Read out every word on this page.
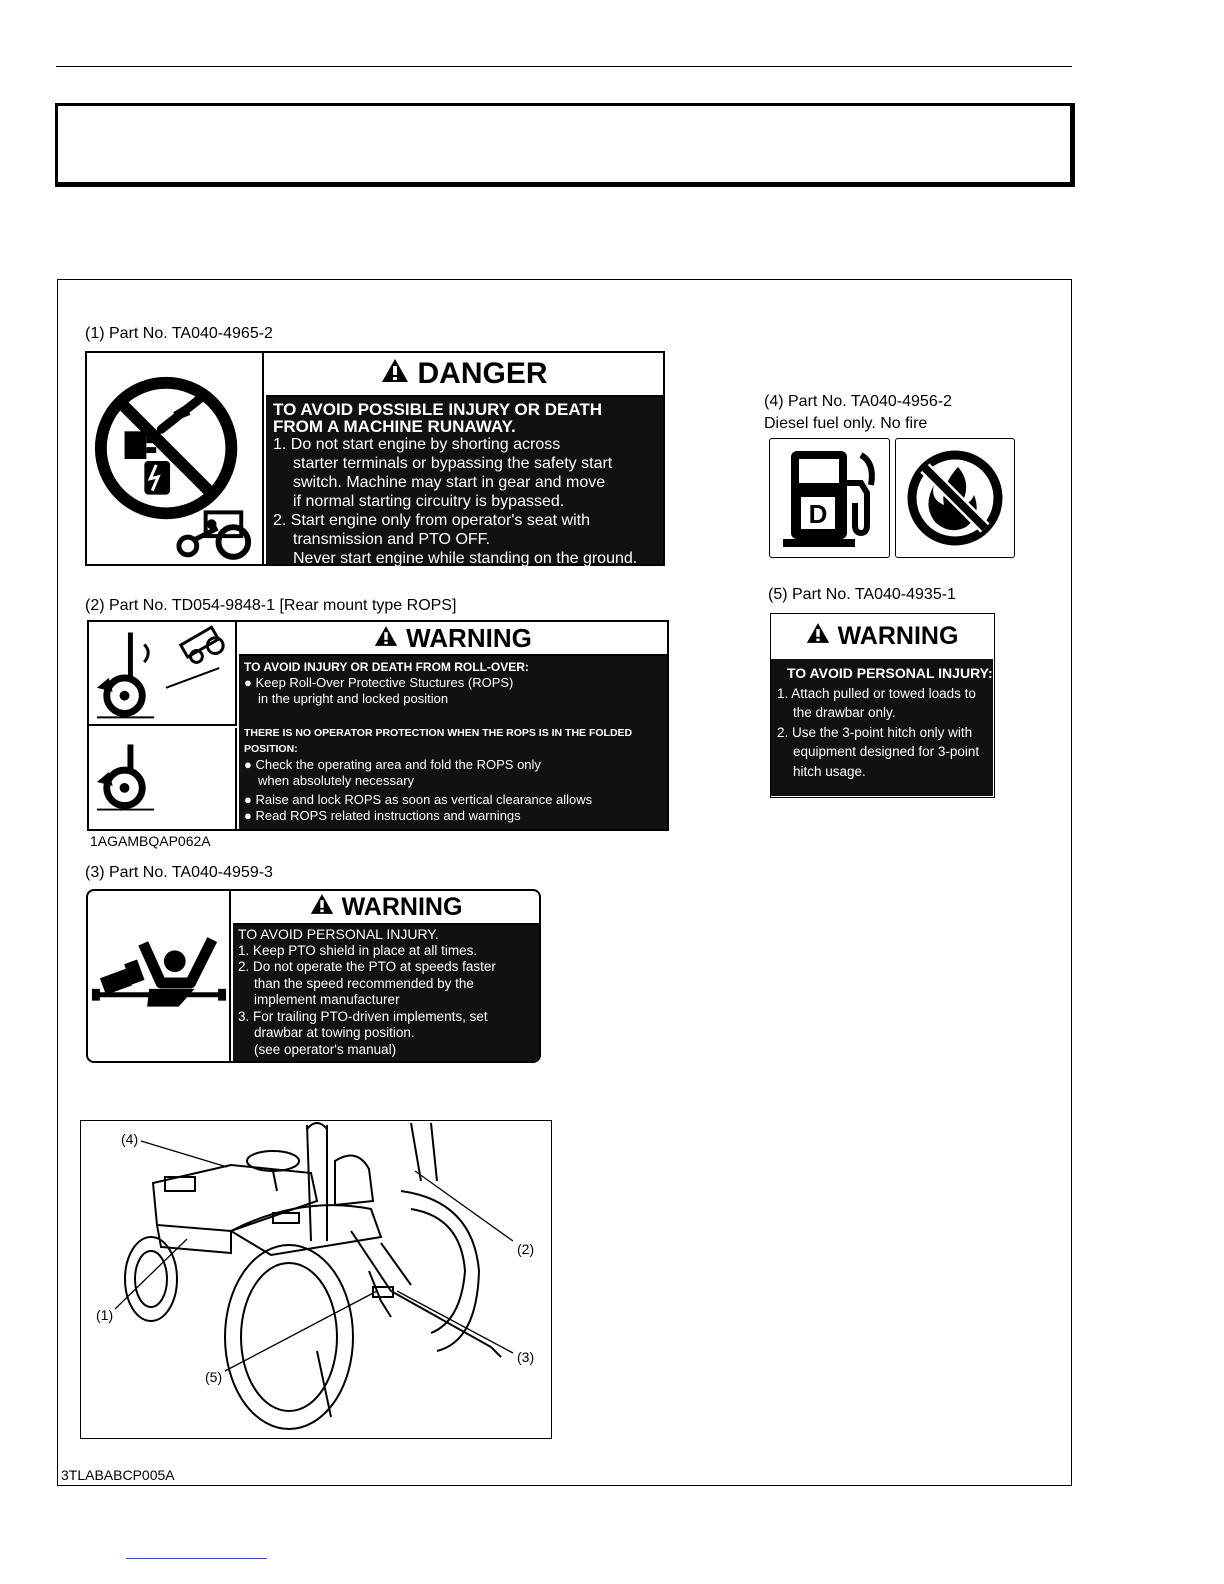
(1) Part No. TA040-4965-2
DANGER
TO AVOID POSSIBLE INJURY OR DEATH
FROM A MACHINE RUNAWAY.
1. Do not start engine by shorting across
starter terminals or bypassing the safety start
switch. Machine may start in gear and move
if normal starting circuitry is bypassed.
2. Start engine only from operator's seat with
transmission and PTO OFF.
Never start engine while standing on the ground.
(2) Part No. TD054-9848-1 [Rear mount type ROPS]
WARNING
TO AVOID INJURY OR DEATH FROM ROLL-OVER:
● Keep Roll-Over Protective Stuctures (ROPS)
in the upright and locked position
THERE IS NO OPERATOR PROTECTION WHEN THE ROPS IS IN THE FOLDED POSITION:
● Check the operating area and fold the ROPS only
when absolutely necessary
● Raise and lock ROPS as soon as vertical clearance allows
● Read ROPS related instructions and warnings
1AGAMBQAP062A
(3) Part No. TA040-4959-3
WARNING
TO AVOID PERSONAL INJURY.
1. Keep PTO shield in place at all times.
2. Do not operate the PTO at speeds faster
than the speed recommended by the
implement manufacturer
3. For trailing PTO-driven implements, set
drawbar at towing position.
(see operator's manual)
(4) Part No. TA040-4956-2
Diesel fuel only. No fire
D
(5) Part No. TA040-4935-1
WARNING
TO AVOID PERSONAL INJURY:
1. Attach pulled or towed loads to
the drawbar only.
2. Use the 3-point hitch only with
equipment designed for 3-point
hitch usage.
(4)
(2)
(1)
(3)
(5)
3TLABABCP005A
